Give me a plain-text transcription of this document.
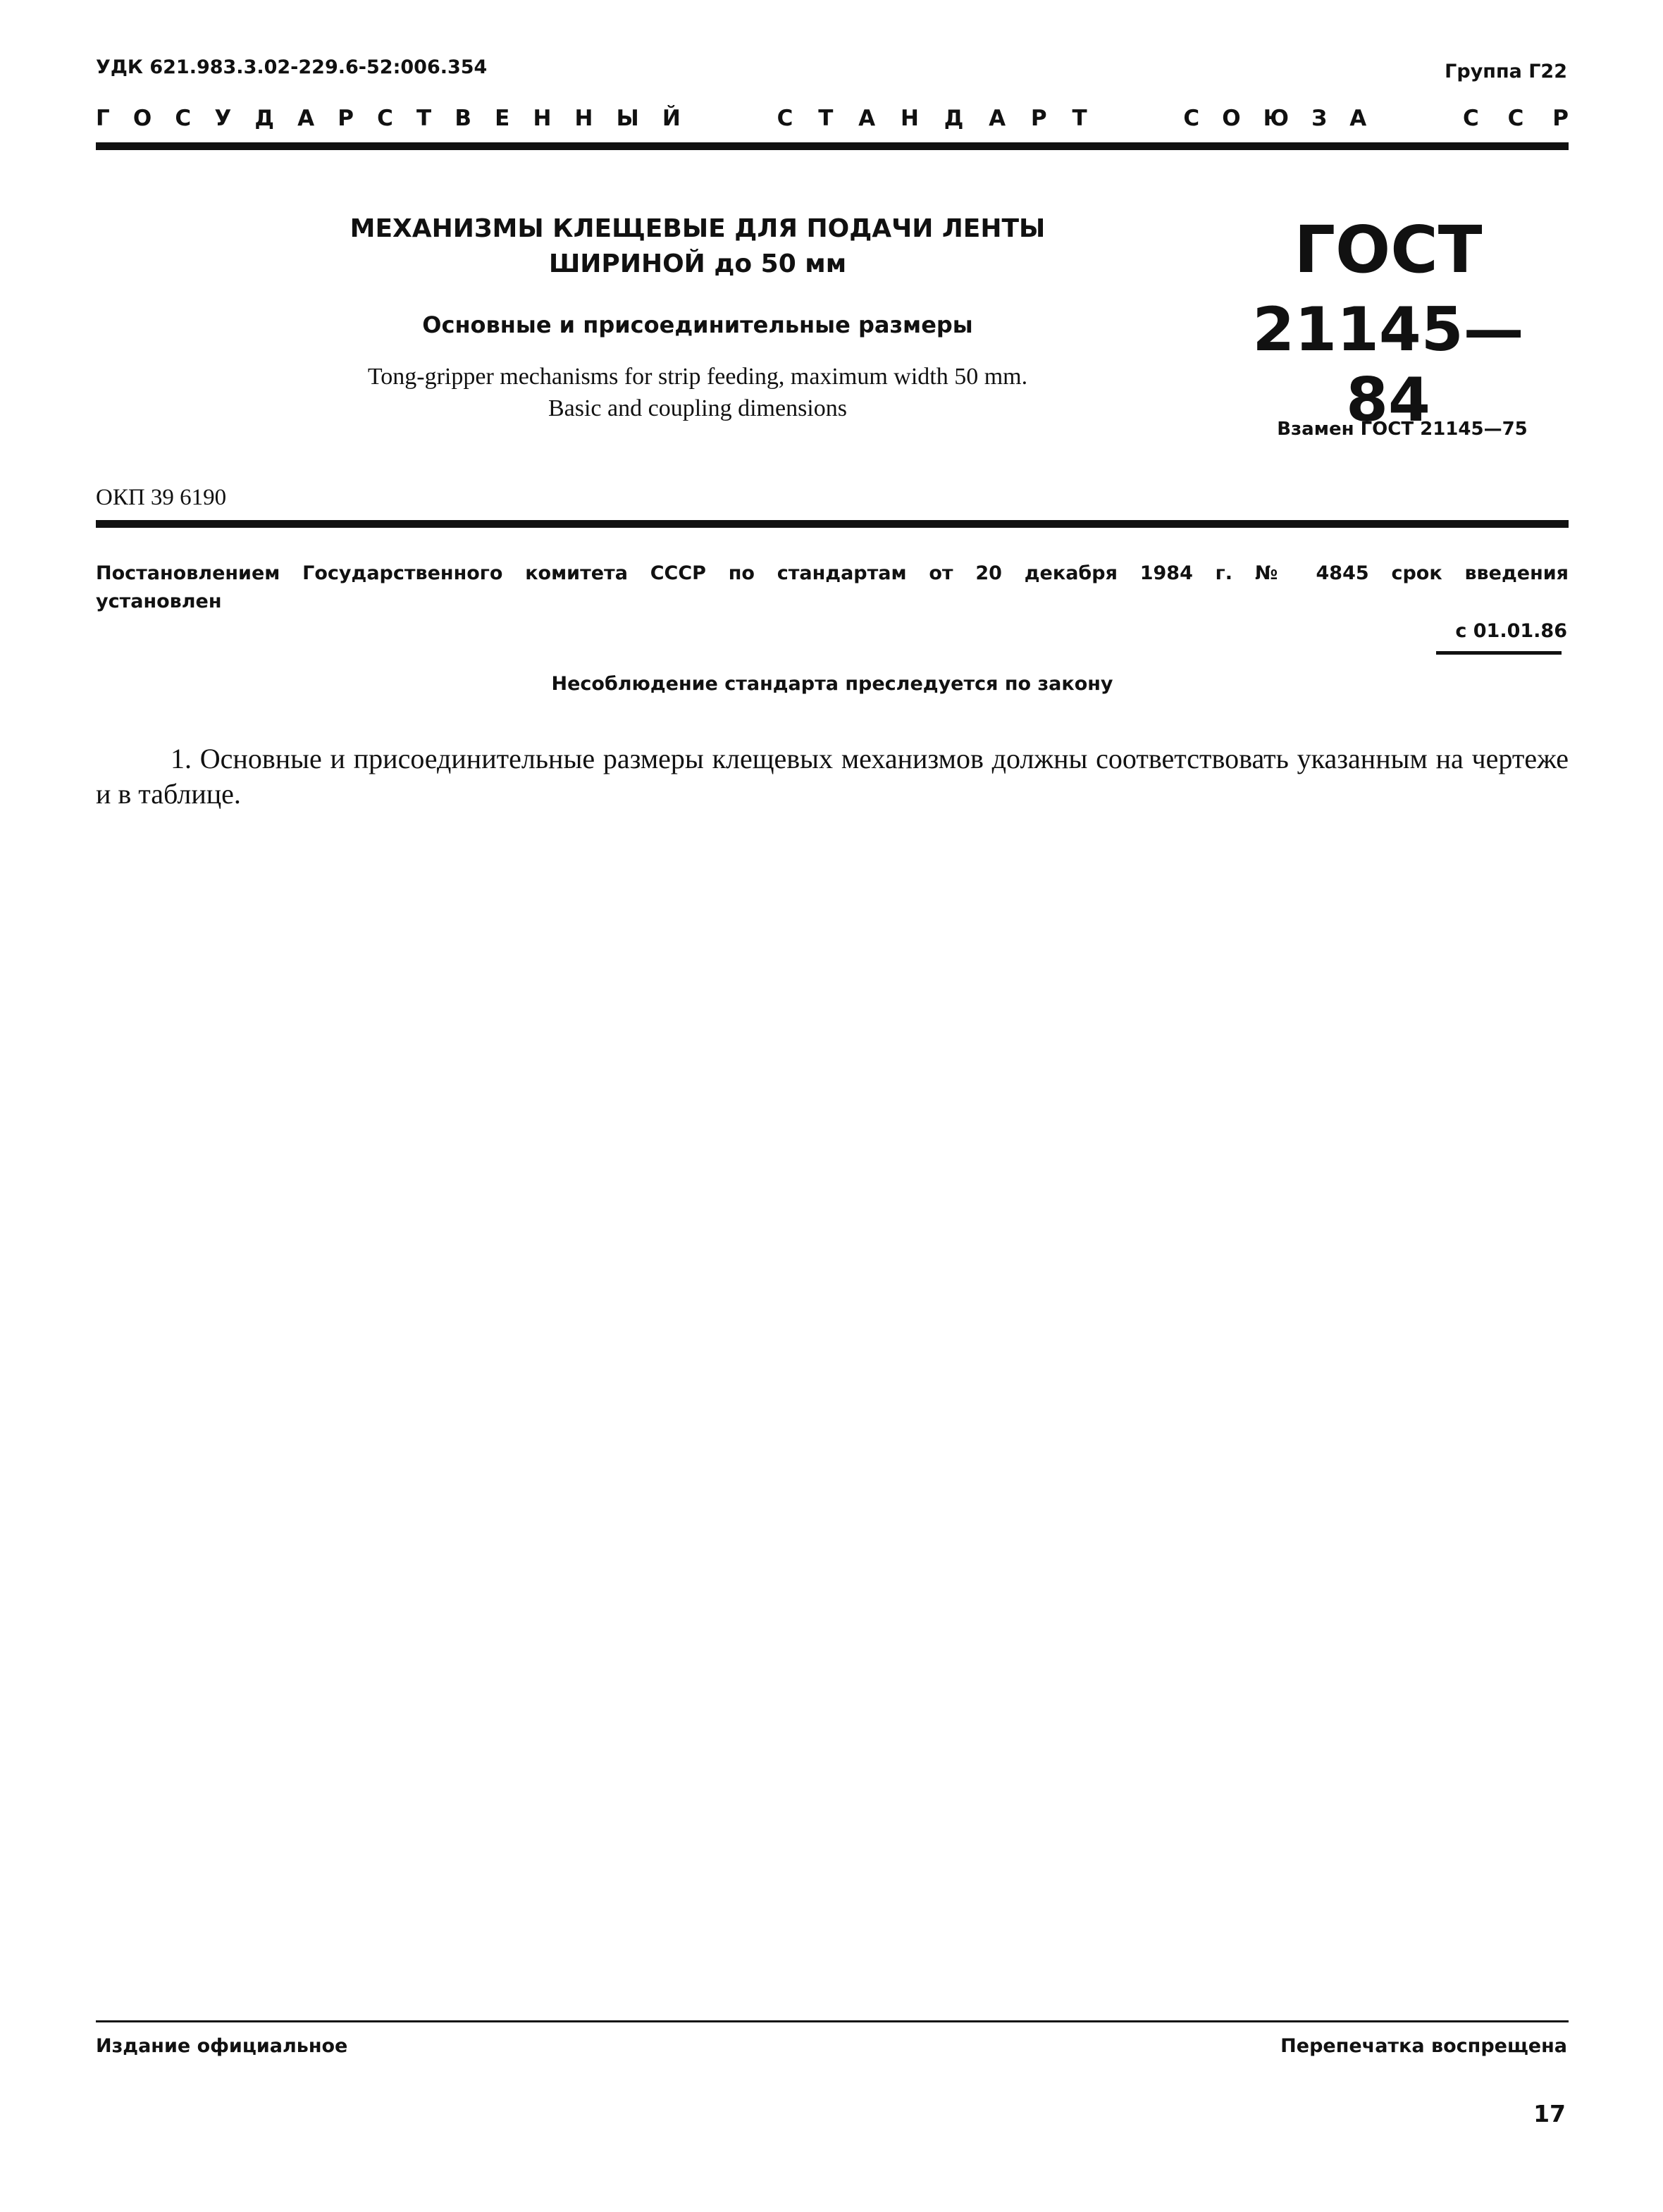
УДК 621.983.3.02-229.6-52:006.354	Группа Г22
Г О С У Д А Р С Т В Е Н Н Ы Й	С Т А Н Д А Р Т	С О Ю З А	С С Р
МЕХАНИЗМЫ КЛЕЩЕВЫЕ ДЛЯ ПОДАЧИ ЛЕНТЫ
ШИРИНОЙ до 50 мм
Основные и присоединительные размеры
Tong-gripper mechanisms for strip feeding, maximum width 50 mm.
Basic and coupling dimensions
ГОСТ
21145—84
Взамен ГОСТ 21145—75
ОКП 39 6190
Постановлением Государственного комитета СССР по стандартам от 20 декабря 1984 г. № 4845 срок введения
установлен
с 01.01.86
Несоблюдение стандарта преследуется по закону
1. Основные и присоединительные размеры клещевых механизмов должны соответствовать указанным на чертеже и в таблице.
Издание официальное	Перепечатка воспрещена
17
